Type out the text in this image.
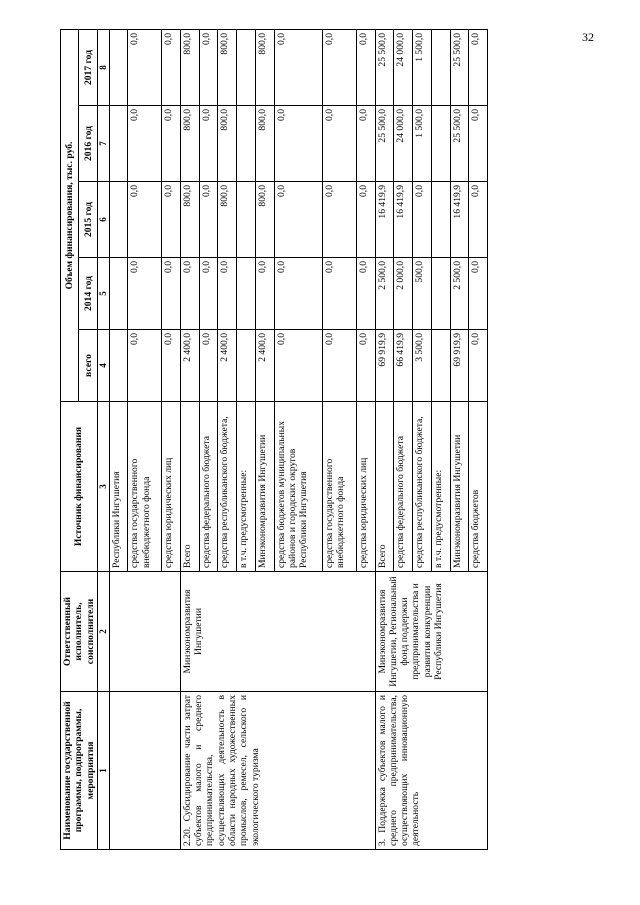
32
Наименование государственной программы, подпрограммы, мероприятия	Ответственный исполнитель, соисполнители	Источник финансирования	Объем финансирования, тыс. руб.				
			всего	2014 год	2015 год	2016 год	2017 год
1	2	3	4	5	6	7	8
		Республики Ингушетия					
		средства государственного внебюджетного фонда	0,0	0,0	0,0	0,0	0,0
		средства юридических лиц	0,0	0,0	0,0	0,0	0,0
2.20. Субсидирование части затрат субъектов малого и среднего предпринимательства, осуществляющих деятельность в области народных художественных промыслов, ремесел, сельского и экологического туризма	Минэкономразвития Ингушетии	Всего	2 400,0	0,0	800,0	800,0	800,0
		средства федерального бюджета	0,0	0,0	0,0	0,0	0,0
		средства республиканского бюджета,	2 400,0	0,0	800,0	800,0	800,0
		в т.ч. предусмотренные:					
		Минэкономразвития Ингушетии	2 400,0	0,0	800,0	800,0	800,0
		средства бюджетов муниципальных районов и городских округов Республики Ингушетия	0,0	0,0	0,0	0,0	0,0
		средства государственного внебюджетного фонда	0,0	0,0	0,0	0,0	0,0
		средства юридических лиц	0,0	0,0	0,0	0,0	0,0
3. Поддержка субъектов малого и среднего предпринимательства, осуществляющих инновационную деятельность	Минэкономразвития Ингушетии, Региональный фонд поддержки предпринимательства и развития конкуренции Республики Ингушетия	Всего	69 919,9	2 500,0	16 419,9	25 500,0	25 500,0
		средства федерального бюджета	66 419,9	2 000,0	16 419,9	24 000,0	24 000,0
		средства республиканского бюджета,	3 500,0	500,0	0,0	1 500,0	1 500,0
		в т.ч. предусмотренные:					
		Минэкономразвития Ингушетии	69 919,9	2 500,0	16 419,9	25 500,0	25 500,0
		средства бюджетов	0,0	0,0	0,0	0,0	0,0
